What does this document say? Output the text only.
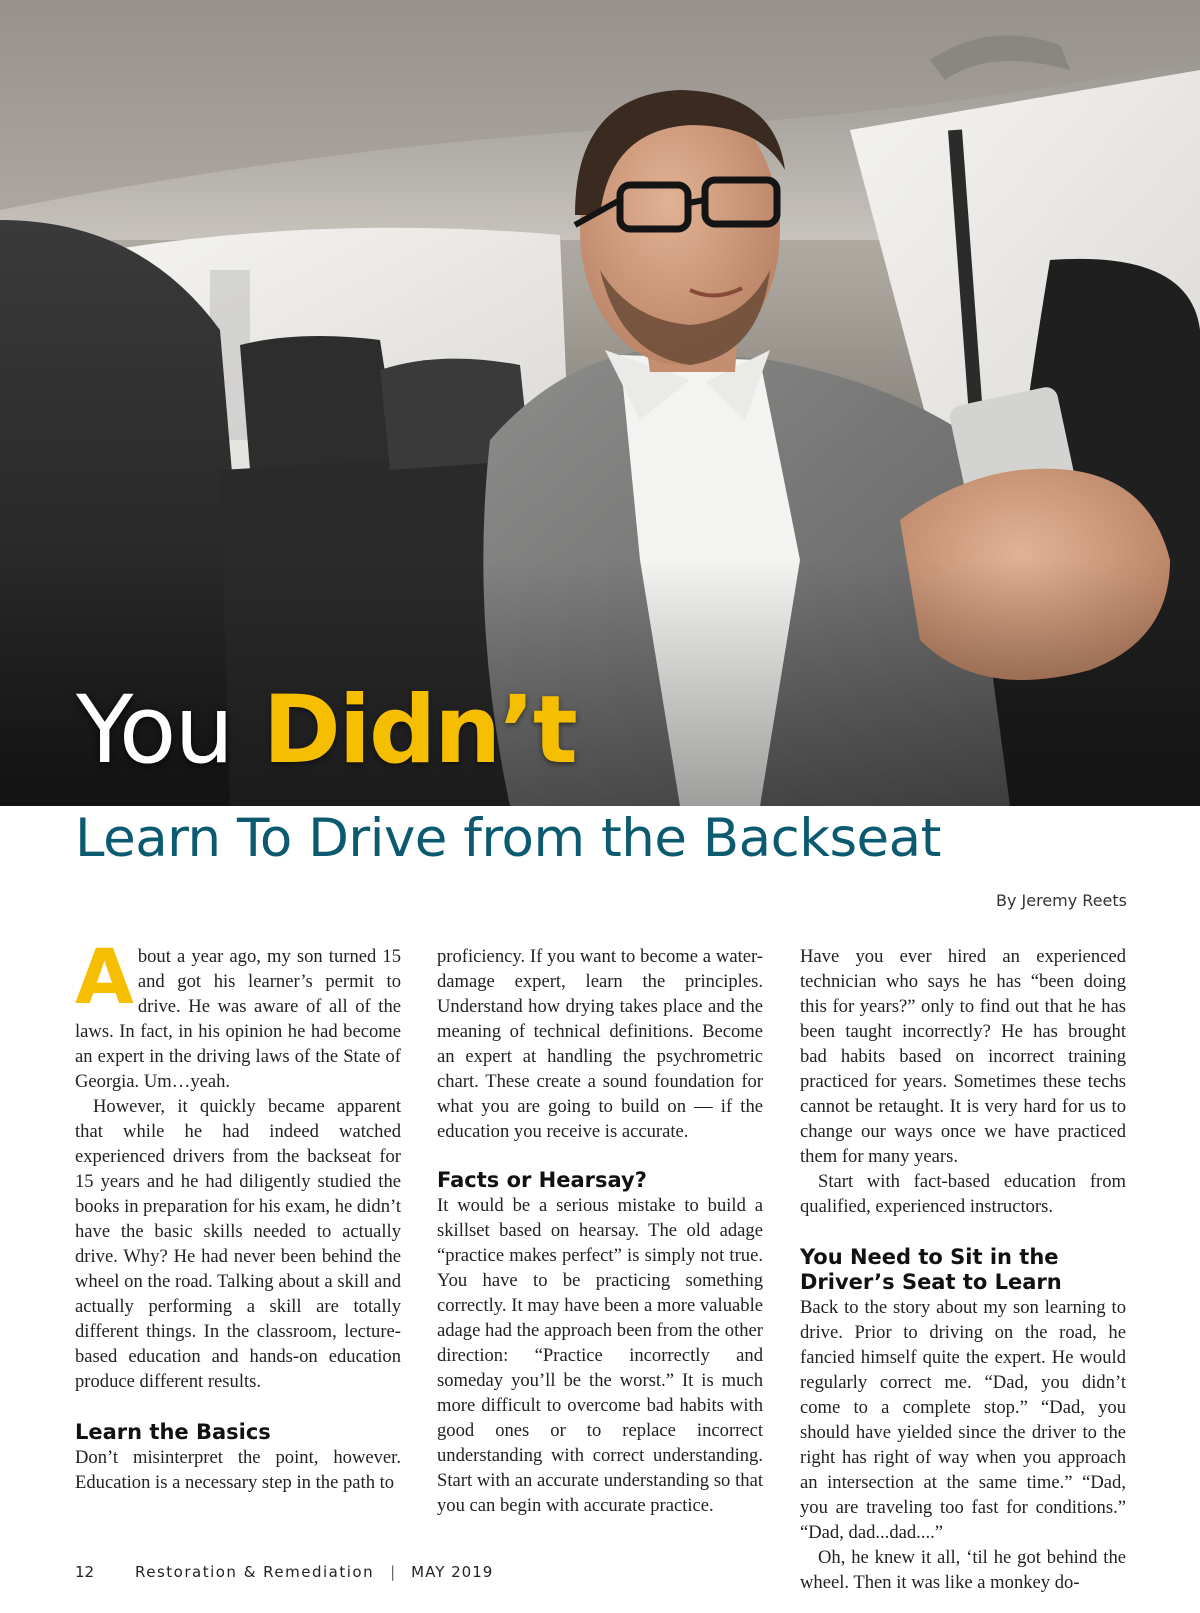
You Didn’t
Learn To Drive from the Backseat
By Jeremy Reets

About a year ago, my son turned 15 and got his learner’s permit to drive. He was aware of all of the laws. In fact, in his opinion he had become an expert in the driving laws of the State of Georgia. Um…yeah.

However, it quickly became apparent that while he had indeed watched experienced drivers from the backseat for 15 years and he had diligently studied the books in preparation for his exam, he didn’t have the basic skills needed to actually drive. Why? He had never been behind the wheel on the road. Talking about a skill and actually performing a skill are totally different things. In the classroom, lecture-based education and hands-on education produce different results.

Learn the Basics

Don’t misinterpret the point, however. Education is a necessary step in the path to

proficiency. If you want to become a water-damage expert, learn the principles. Understand how drying takes place and the meaning of technical definitions. Become an expert at handling the psychrometric chart. These create a sound foundation for what you are going to build on — if the education you receive is accurate.

Facts or Hearsay?

It would be a serious mistake to build a skillset based on hearsay. The old adage “practice makes perfect” is simply not true. You have to be practicing something correctly. It may have been a more valuable adage had the approach been from the other direction: “Practice incorrectly and someday you’ll be the worst.” It is much more difficult to overcome bad habits with good ones or to replace incorrect understanding with correct understanding. Start with an accurate understanding so that you can begin with accurate practice.

Have you ever hired an experienced technician who says he has “been doing this for years?” only to find out that he has been taught incorrectly? He has brought bad habits based on incorrect training practiced for years. Sometimes these techs cannot be retaught. It is very hard for us to change our ways once we have practiced them for many years.

Start with fact-based education from qualified, experienced instructors.

You Need to Sit in the Driver’s Seat to Learn

Back to the story about my son learning to drive. Prior to driving on the road, he fancied himself quite the expert. He would regularly correct me. “Dad, you didn’t come to a complete stop.” “Dad, you should have yielded since the driver to the right has right of way when you approach an intersection at the same time.” “Dad, you are traveling too fast for conditions.” “Dad, dad...dad....”

Oh, he knew it all, ‘til he got behind the wheel. Then it was like a monkey do-

12	Restoration & Remediation | MAY 2019
